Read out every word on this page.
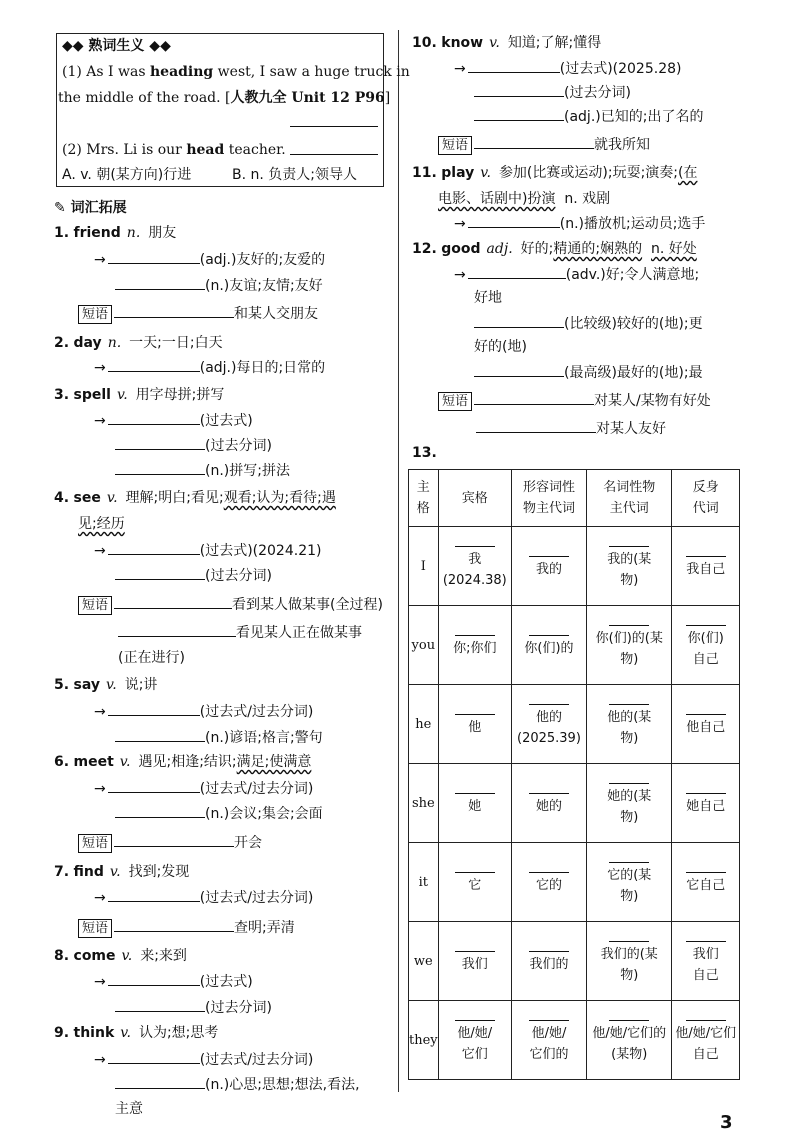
◆◆ 熟词生义 ◆◆
(1) As I was heading west, I saw a huge truck in
the middle of the road. [人教九全 Unit 12 P96]
(2) Mrs. Li is our head teacher.
A. v. 朝(某方向)行进	B. n. 负责人;领导人
✎ 词汇拓展
1. friend n. 朋友
→	(adj.)友好的;友爱的
(n.)友谊;友情;友好
短语	和某人交朋友
2. day n. 一天;一日;白天
→	(adj.)每日的;日常的
3. spell v. 用字母拼;拼写
→	(过去式)
(过去分词)
(n.)拼写;拼法
4. see v. 理解;明白;看见;观看;认为;看待;遇
见;经历
→	(过去式)(2024.21)
(过去分词)
短语	看到某人做某事(全过程)
看见某人正在做某事
(正在进行)
5. say v. 说;讲
→	(过去式/过去分词)
(n.)谚语;格言;警句
6. meet v. 遇见;相逢;结识;满足;使满意
→	(过去式/过去分词)
(n.)会议;集会;会面
短语	开会
7. find v. 找到;发现
→	(过去式/过去分词)
短语	查明;弄清
8. come v. 来;来到
→	(过去式)
(过去分词)
9. think v. 认为;想;思考
→	(过去式/过去分词)
(n.)心思;思想;想法,看法,
主意
10. know v. 知道;了解;懂得
→	(过去式)(2025.28)
(过去分词)
(adj.)已知的;出了名的
短语	就我所知
11. play v. 参加(比赛或运动);玩耍;演奏;(在
电影、话剧中)扮演 n. 戏剧
→	(n.)播放机;运动员;选手
12. good adj. 好的;精通的;娴熟的 n. 好处
→	(adv.)好;令人满意地;
好地
(比较级)较好的(地);更
好的(地)
(最高级)最好的(地);最
短语	对某人/某物有好处
对某人友好
13.
主格	宾格	形容词性物主代词	名词性物主代词	反身代词
I	我(2024.38)	我的	我的(某物)	我自己
you	你;你们	你(们)的	你(们)的(某物)	你(们)自己
he	他	他的(2025.39)	他的(某物)	他自己
she	她	她的	她的(某物)	她自己
it	它	它的	它的(某物)	它自己
we	我们	我们的	我们的(某物)	我们自己
they	他/她/它们	他/她/它们的	他/她/它们的(某物)	他/她/它们自己
3
